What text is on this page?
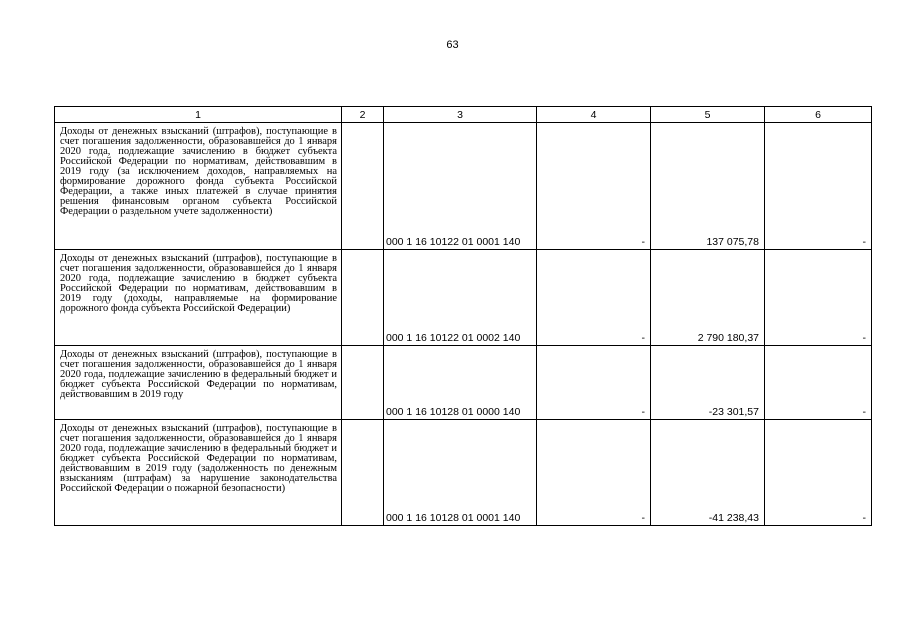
63
1	2	3	4	5	6
Доходы от денежных взысканий (штрафов), поступающие в счет погашения задолженности, образовавшейся до 1 января 2020 года, подлежащие зачислению в бюджет субъекта Российской Федерации по нормативам, действовавшим в 2019 году (за исключением доходов, направляемых на формирование дорожного фонда субъекта Российской Федерации, а также иных платежей в случае принятия решения финансовым органом субъекта Российской Федерации о раздельном учете задолженности)		000 1 16 10122 01 0001 140	-	137 075,78	-
Доходы от денежных взысканий (штрафов), поступающие в счет погашения задолженности, образовавшейся до 1 января 2020 года, подлежащие зачислению в бюджет субъекта Российской Федерации по нормативам, действовавшим в 2019 году (доходы, направляемые на формирование дорожного фонда субъекта Российской Федерации)		000 1 16 10122 01 0002 140	-	2 790 180,37	-
Доходы от денежных взысканий (штрафов), поступающие в счет погашения задолженности, образовавшейся до 1 января 2020 года, подлежащие зачислению в федеральный бюджет и бюджет субъекта Российской Федерации по нормативам, действовавшим в 2019 году		000 1 16 10128 01 0000 140	-	-23 301,57	-
Доходы от денежных взысканий (штрафов), поступающие в счет погашения задолженности, образовавшейся до 1 января 2020 года, подлежащие зачислению в федеральный бюджет и бюджет субъекта Российской Федерации по нормативам, действовавшим в 2019 году (задолженность по денежным взысканиям (штрафам) за нарушение законодательства Российской Федерации о пожарной безопасности)		000 1 16 10128 01 0001 140	-	-41 238,43	-
